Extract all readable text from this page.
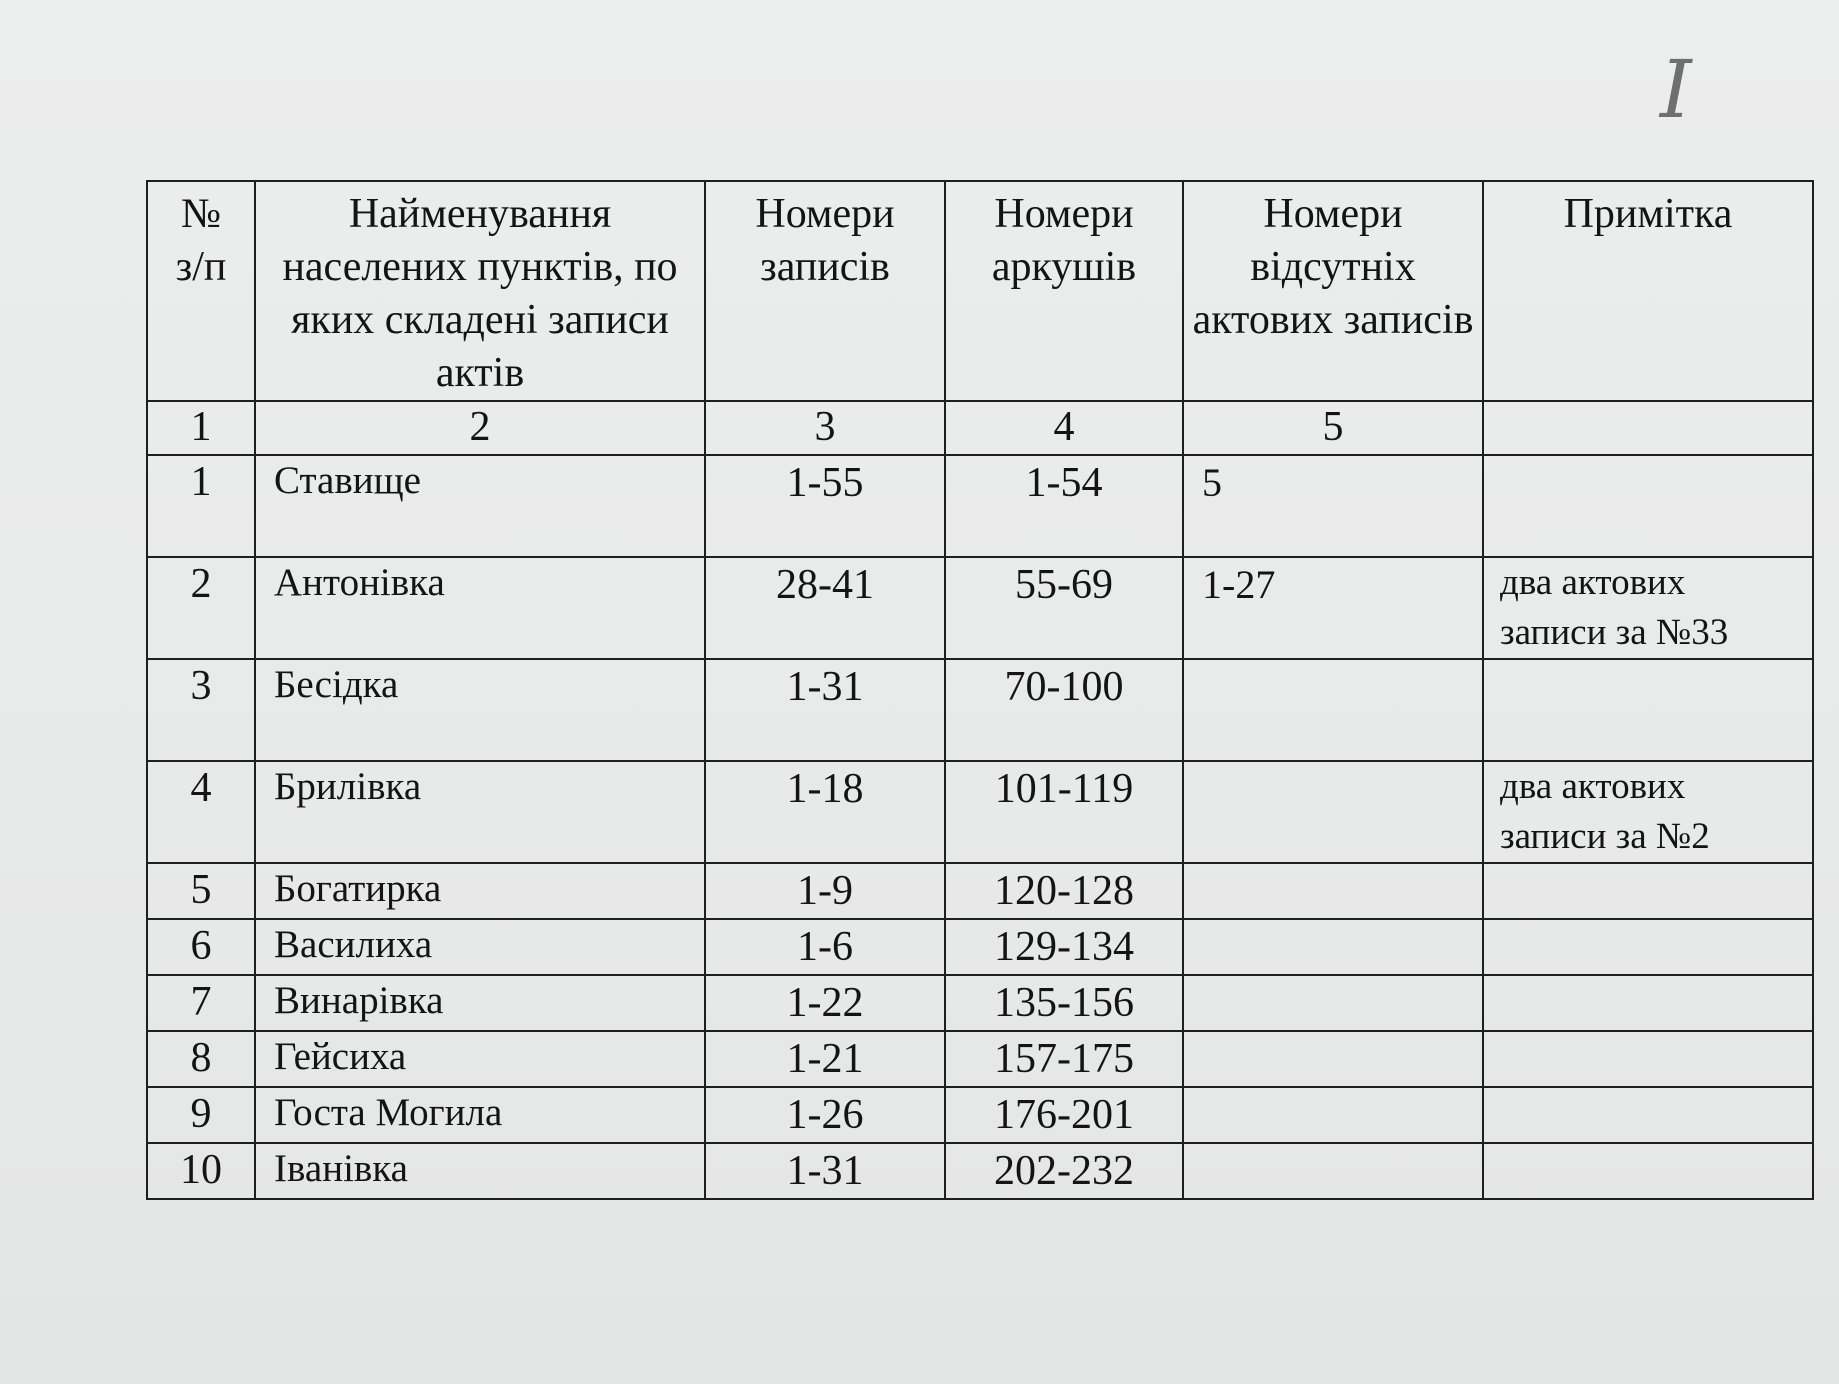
I
№
з/п	Найменування населених пунктів, по яких складені записи актів	Номери записів	Номери аркушів	Номери відсутніх актових записів	Примітка
1	2	3	4	5	
1	Ставище	1-55	1-54	5	
2	Антонівка	28-41	55-69	1-27	два актових
записи за №33
3	Бесідка	1-31	70-100		
4	Брилівка	1-18	101-119		два актових
записи за №2
5	Богатирка	1-9	120-128		
6	Василиха	1-6	129-134		
7	Винарівка	1-22	135-156		
8	Гейсиха	1-21	157-175		
9	Госта Могила	1-26	176-201		
10	Іванівка	1-31	202-232		
